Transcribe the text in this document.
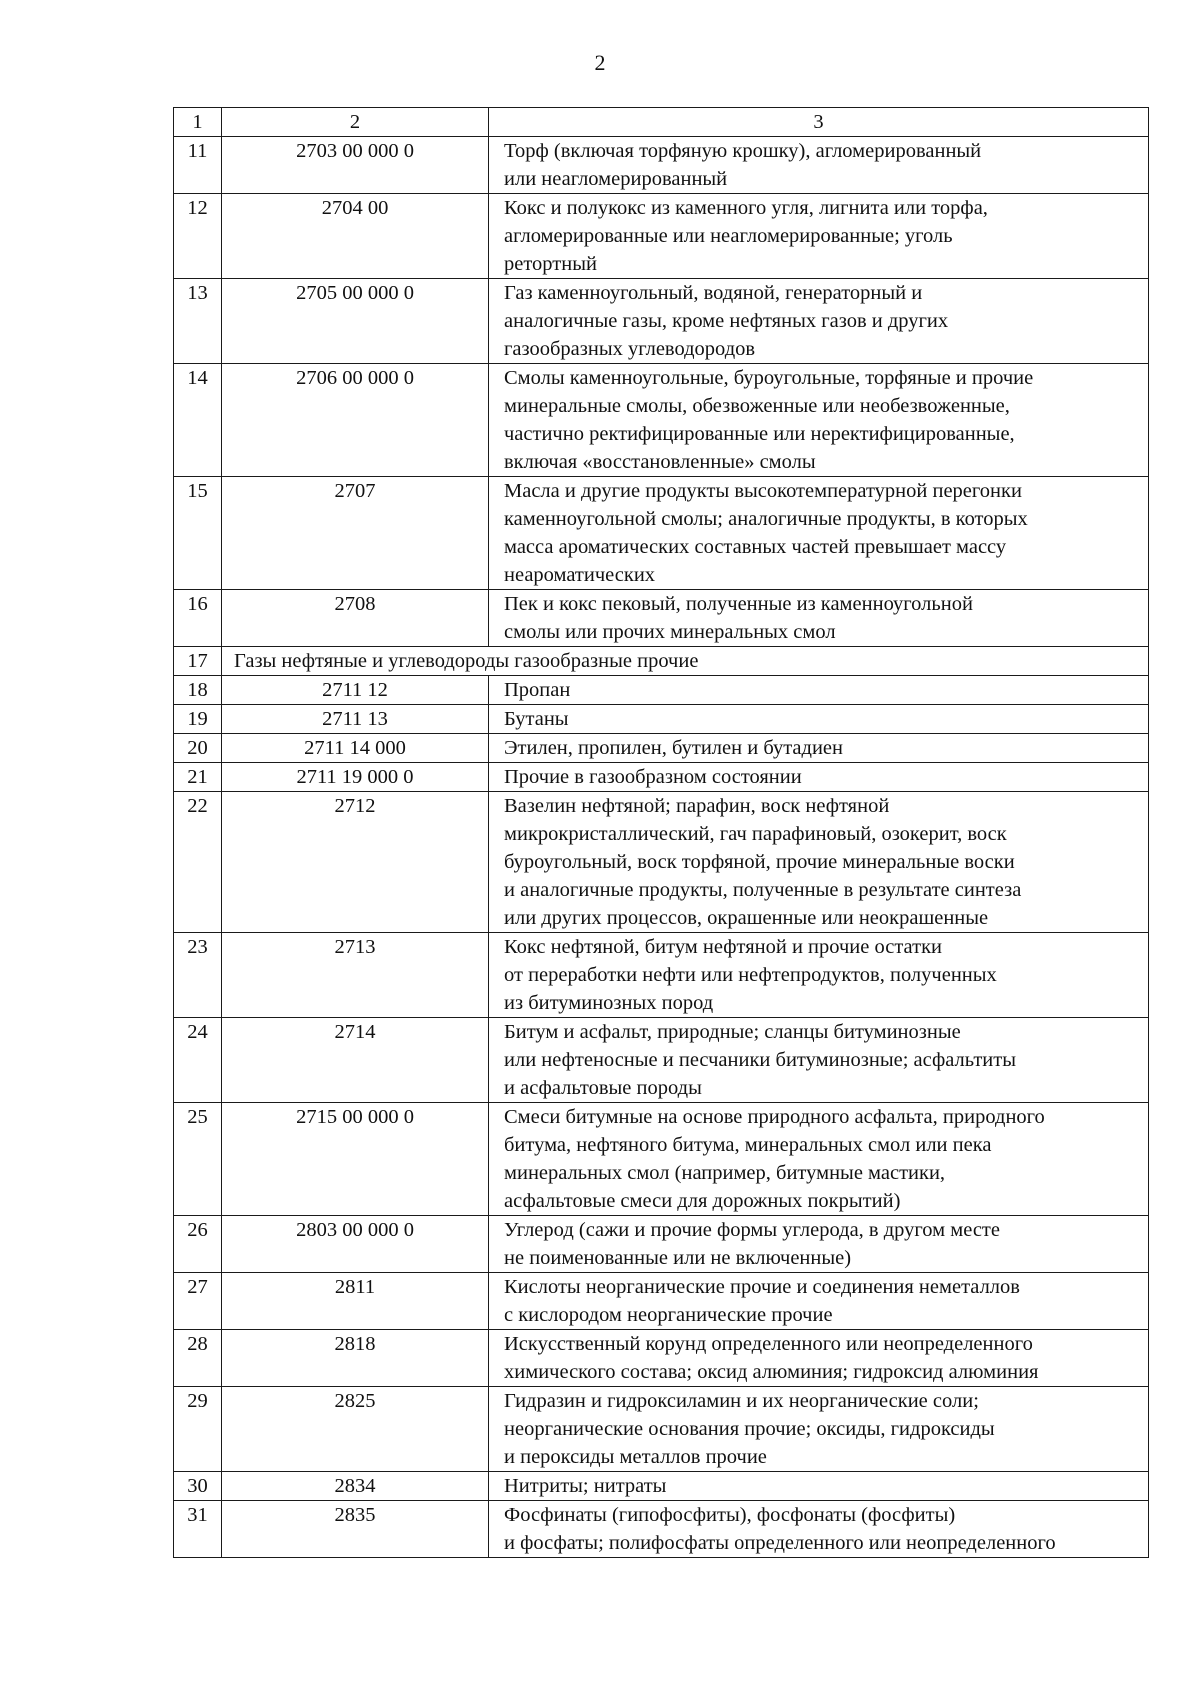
2
1	2	3
11	2703 00 000 0	Торф (включая торфяную крошку), агломерированный
или неагломерированный

12	2704 00	Кокс и полукокс из каменного угля, лигнита или торфа,
агломерированные или неагломерированные; уголь
ретортный

13	2705 00 000 0	Газ каменноугольный, водяной, генераторный и
аналогичные газы, кроме нефтяных газов и других
газообразных углеводородов

14	2706 00 000 0	Смолы каменноугольные, буроугольные, торфяные и прочие
минеральные смолы, обезвоженные или необезвоженные,
частично ректифицированные или неректифицированные,
включая «восстановленные» смолы

15	2707	Масла и другие продукты высокотемпературной перегонки
каменноугольной смолы; аналогичные продукты, в которых
масса ароматических составных частей превышает массу
неароматических

16	2708	Пек и кокс пековый, полученные из каменноугольной
смолы или прочих минеральных смол

17	Газы нефтяные и углеводороды газообразные прочие	
18	2711 12	Пропан

19	2711 13	Бутаны

20	2711 14 000	Этилен, пропилен, бутилен и бутадиен

21	2711 19 000 0	Прочие в газообразном состоянии

22	2712	Вазелин нефтяной; парафин, воск нефтяной
микрокристаллический, гач парафиновый, озокерит, воск
буроугольный, воск торфяной, прочие минеральные воски
и аналогичные продукты, полученные в результате синтеза
или других процессов, окрашенные или неокрашенные

23	2713	Кокс нефтяной, битум нефтяной и прочие остатки
от переработки нефти или нефтепродуктов, полученных
из битуминозных пород

24	2714	Битум и асфальт, природные; сланцы битуминозные
или нефтеносные и песчаники битуминозные; асфальтиты
и асфальтовые породы

25	2715 00 000 0	Смеси битумные на основе природного асфальта, природного
битума, нефтяного битума, минеральных смол или пека
минеральных смол (например, битумные мастики,
асфальтовые смеси для дорожных покрытий)

26	2803 00 000 0	Углерод (сажи и прочие формы углерода, в другом месте
не поименованные или не включенные)

27	2811	Кислоты неорганические прочие и соединения неметаллов
с кислородом неорганические прочие

28	2818	Искусственный корунд определенного или неопределенного
химического состава; оксид алюминия; гидроксид алюминия

29	2825	Гидразин и гидроксиламин и их неорганические соли;
неорганические основания прочие; оксиды, гидроксиды
и пероксиды металлов прочие

30	2834	Нитриты; нитраты

31	2835	Фосфинаты (гипофосфиты), фосфонаты (фосфиты)
и фосфаты; полифосфаты определенного или неопределенного
